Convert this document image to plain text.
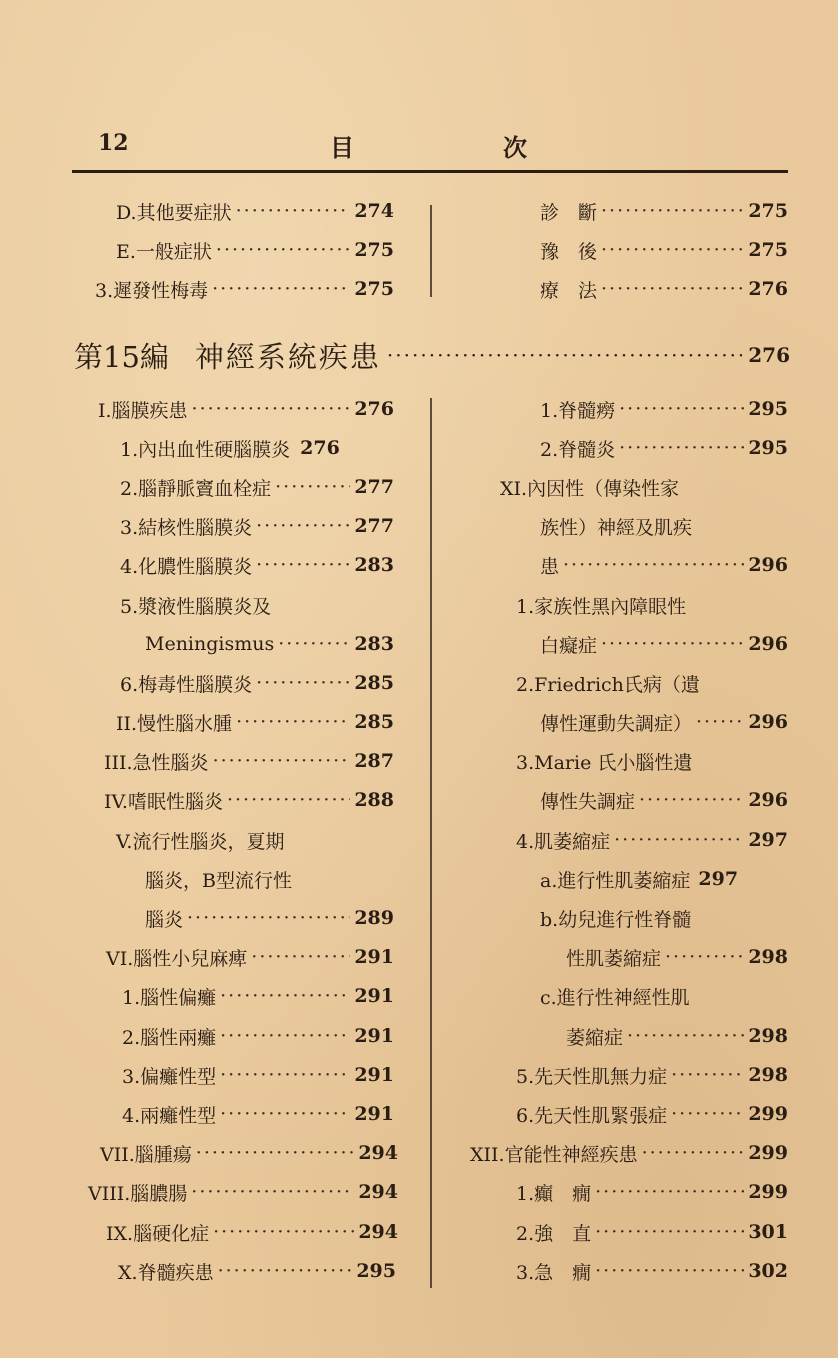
12	目	次
D.其他要症狀 ·····	274
E.一般症狀 ·····	275
3.遲發性梅毒 ·····	275
診　斷 ·····	275
豫　後 ·····	275
療　法 ·····	276
第15編 神經系統疾患 ·····	276
I.腦膜疾患 ·····	276
1.內出血性硬腦膜炎 276
2.腦靜脈竇血栓症 ·····	277
3.結核性腦膜炎 ·····	277
4.化膿性腦膜炎 ·····	283
5.漿液性腦膜炎及
Meningismus ·····	283
6.梅毒性腦膜炎 ·····	285
II.慢性腦水腫 ·····	285
III.急性腦炎 ·····	287
IV.嗜眠性腦炎 ·····	288
V.流行性腦炎，夏期
腦炎，B型流行性
腦炎 ·····	289
VI.腦性小兒麻痺 ·····	291
1.腦性偏癱 ·····	291
2.腦性兩癱 ·····	291
3.偏癱性型 ·····	291
4.兩癱性型 ·····	291
VII.腦腫瘍 ·····	294
VIII.腦膿腸 ·····	294
IX.腦硬化症 ·····	294
X.脊髓疾患 ·····	295
1.脊髓癆 ·····	295
2.脊髓炎 ·····	295
XI.內因性（傳染性家
族性）神經及肌疾
患 ·····	296
1.家族性黑內障眼性
白癡症 ·····	296
2.Friedrich氏病（遺
傳性運動失調症） ·····	296
3.Marie 氏小腦性遺
傳性失調症 ·····	296
4.肌萎縮症 ·····	297
a.進行性肌萎縮症 297
b.幼兒進行性脊髓
性肌萎縮症 ·····	298
c.進行性神經性肌
萎縮症 ·····	298
5.先天性肌無力症 ·····	298
6.先天性肌緊張症 ·····	299
XII.官能性神經疾患 ·····	299
1.癲　癇 ·····	299
2.強　直 ·····	301
3.急　癇 ·····	302
